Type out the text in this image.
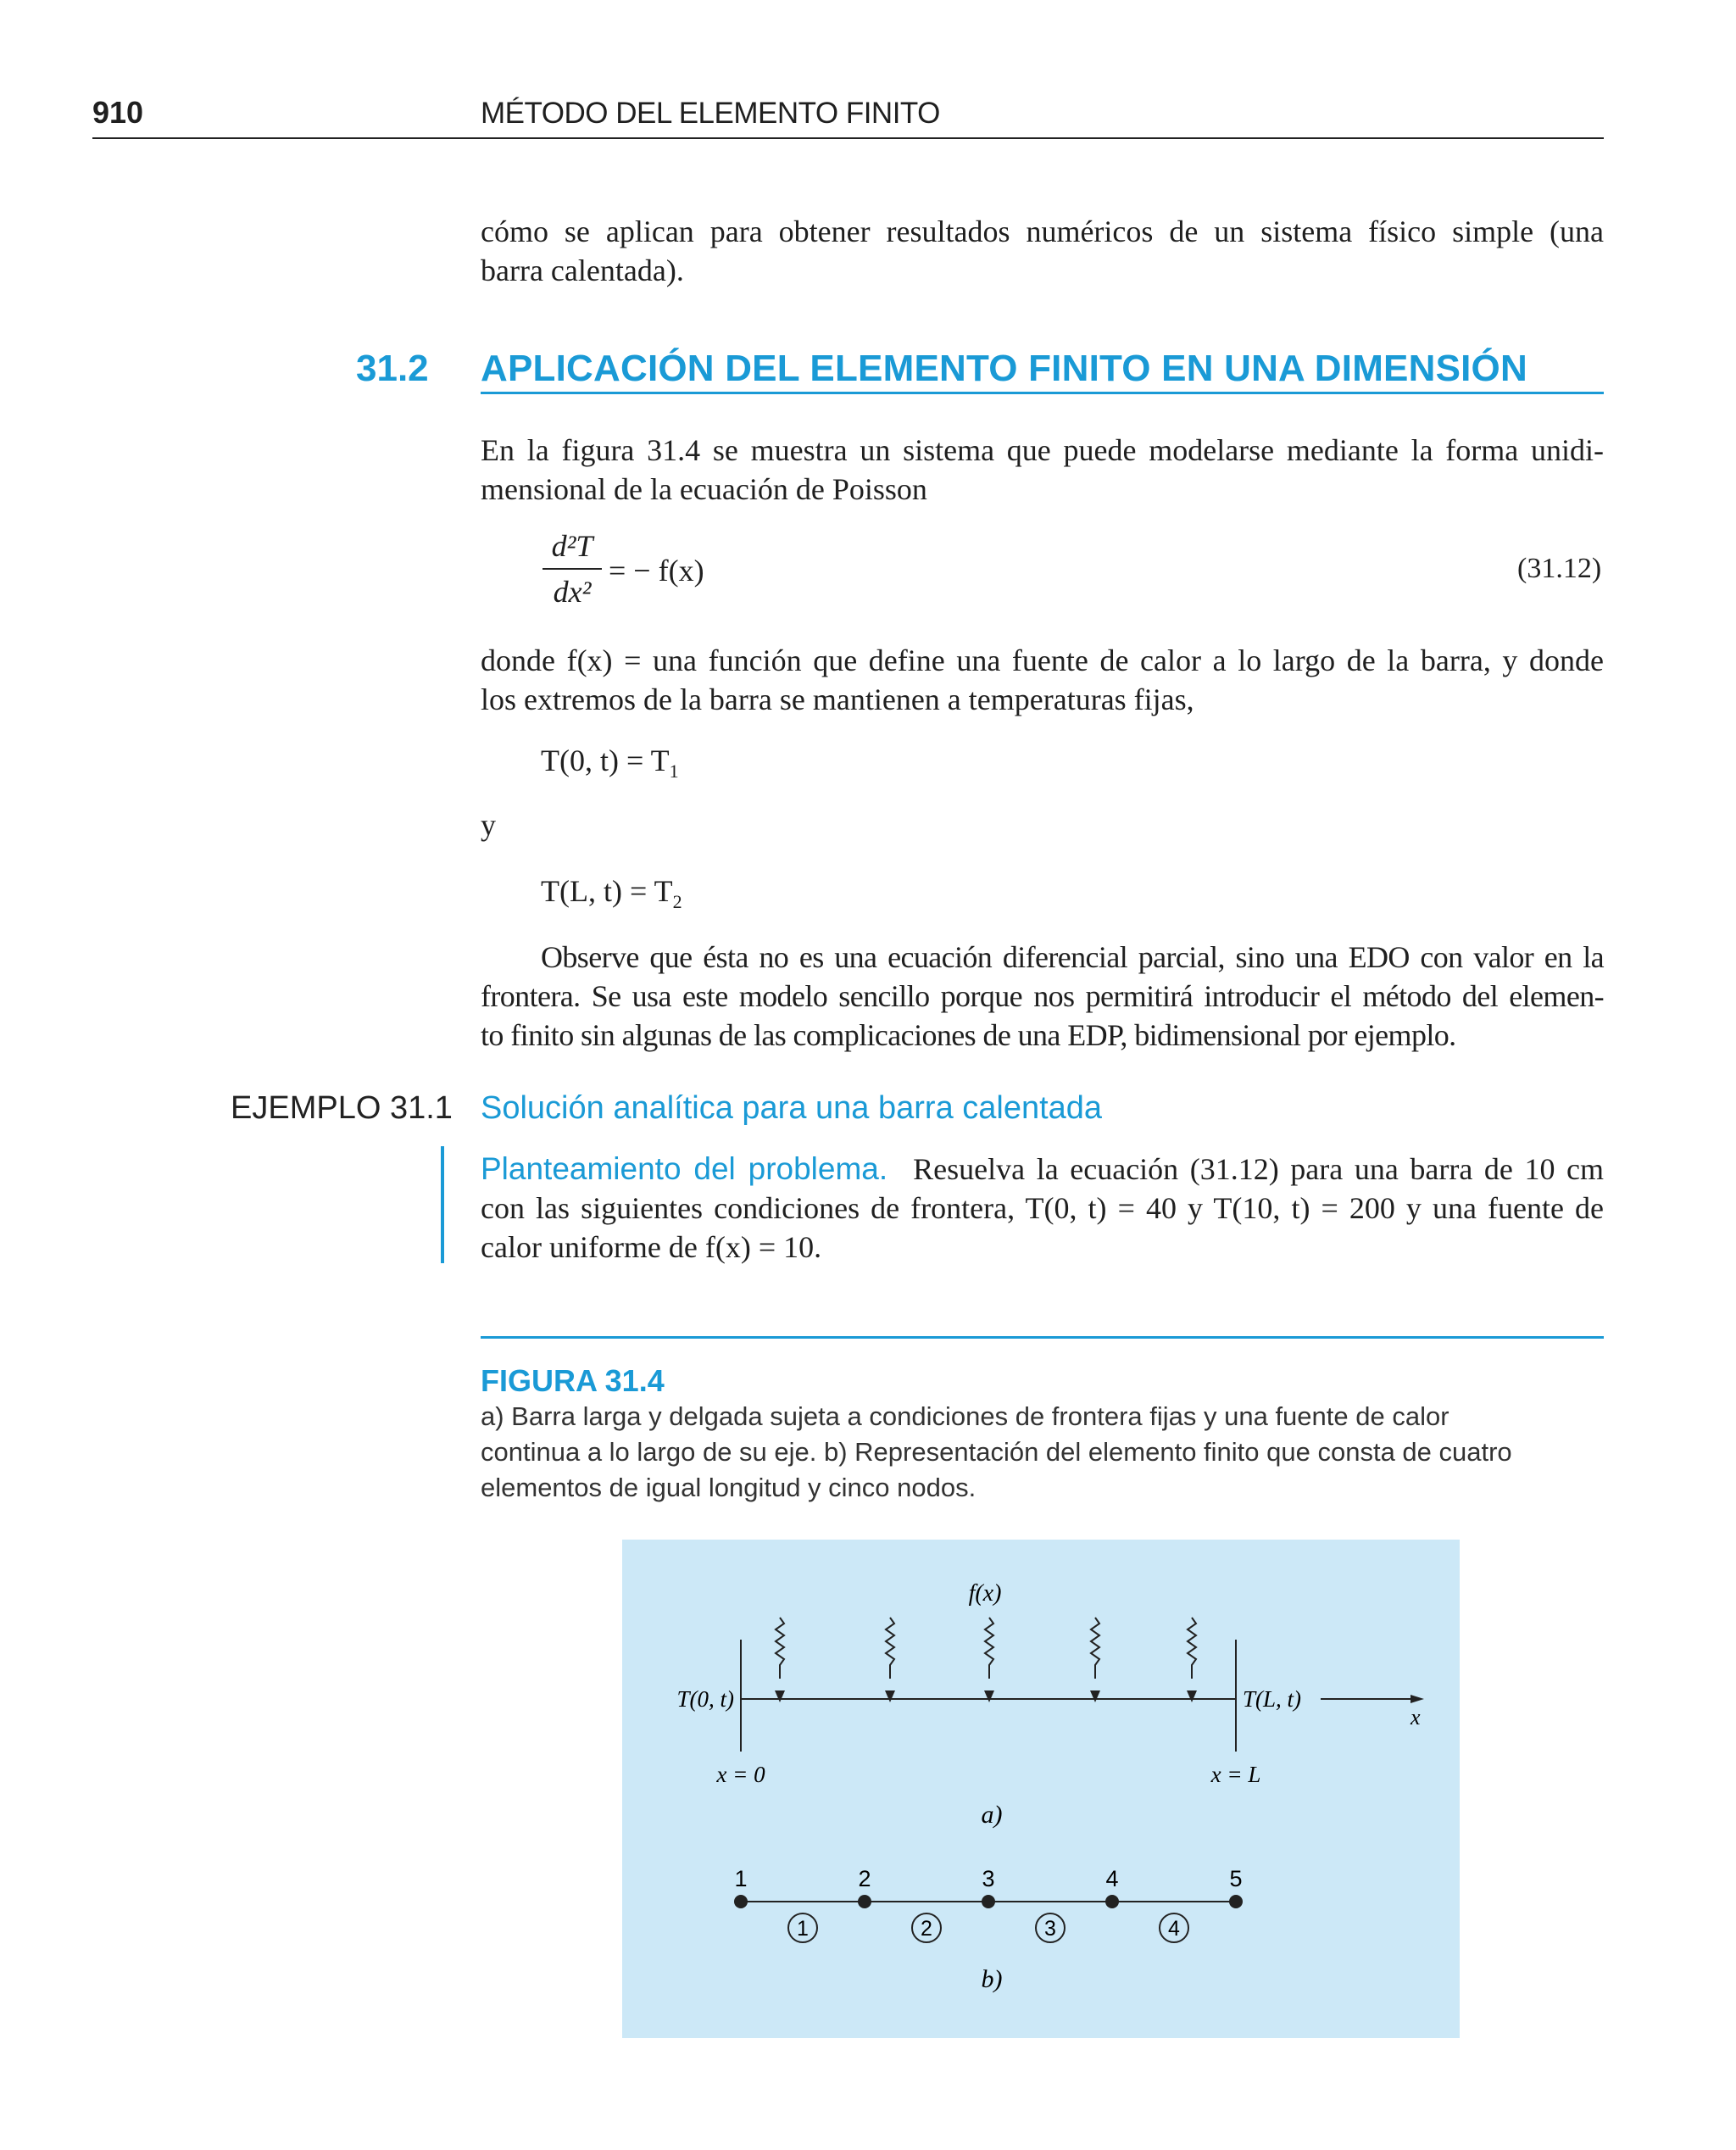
910	MÉTODO DEL ELEMENTO FINITO
cómo se aplican para obtener resultados numéricos de un sistema físico simple (una
barra calentada).
31.2 APLICACIÓN DEL ELEMENTO FINITO EN UNA DIMENSIÓN
En la figura 31.4 se muestra un sistema que puede modelarse mediante la forma unidi-
mensional de la ecuación de Poisson
d²T
dx²
= − f(x)	(31.12)
donde f(x) = una función que define una fuente de calor a lo largo de la barra, y donde
los extremos de la barra se mantienen a temperaturas fijas,
T(0, $t) = T_1$
y
T(L, $t) = T_2$
Observe que ésta no es una ecuación diferencial parcial, sino una EDO con valor en la
frontera. Se usa este modelo sencillo porque nos permitirá introducir el método del elemen-
to finito sin algunas de las complicaciones de una EDP, bidimensional por ejemplo.
EJEMPLO 31.1 Solución analítica para una barra calentada
Planteamiento del problema. Resuelva la ecuación (31.12) para una barra de 10 cm
con las siguientes condiciones de frontera, T(0, t) = 40 y T(10, t) = 200 y una fuente de
calor uniforme de f(x) = 10.
FIGURA 31.4
a) Barra larga y delgada sujeta a condiciones de frontera fijas y una fuente de calor
continua a lo largo de su eje. b) Representación del elemento finito que consta de cuatro
elementos de igual longitud y cinco nodos.
f(x)
T(0, t)	T(L, t)
x
x = 0	x = L
a)
1	2	3	4	5
1	2	3	4
b)
